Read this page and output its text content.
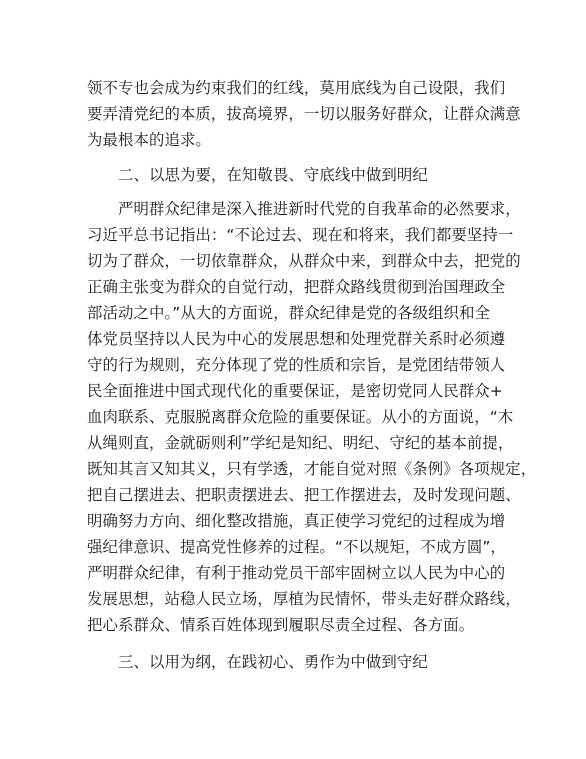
领不专也会成为约束我们的红线，莫用底线为自己设限，我们
要弄清党纪的本质，拔高境界，一切以服务好群众，让群众满意
为最根本的追求。
二、以思为要，在知敬畏、守底线中做到明纪
严明群众纪律是深入推进新时代党的自我革命的必然要求，
习近平总书记指出：“不论过去、现在和将来，我们都要坚持一
切为了群众，一切依靠群众，从群众中来，到群众中去，把党的
正确主张变为群众的自觉行动，把群众路线贯彻到治国理政全
部活动之中。”从大的方面说，群众纪律是党的各级组织和全
体党员坚持以人民为中心的发展思想和处理党群关系时必须遵
守的行为规则，充分体现了党的性质和宗旨，是党团结带领人
民全面推进中国式现代化的重要保证，是密切党同人民群众+
血肉联系、克服脱离群众危险的重要保证。从小的方面说，“木
从绳则直，金就砺则利”学纪是知纪、明纪、守纪的基本前提，
既知其言又知其义，只有学透，才能自觉对照《条例》各项规定，
把自己摆进去、把职责摆进去、把工作摆进去，及时发现问题、
明确努力方向、细化整改措施，真正使学习党纪的过程成为增
强纪律意识、提高党性修养的过程。“不以规矩，不成方圆”，
严明群众纪律，有利于推动党员干部牢固树立以人民为中心的
发展思想，站稳人民立场，厚植为民情怀，带头走好群众路线，
把心系群众、情系百姓体现到履职尽责全过程、各方面。
三、以用为纲，在践初心、勇作为中做到守纪
